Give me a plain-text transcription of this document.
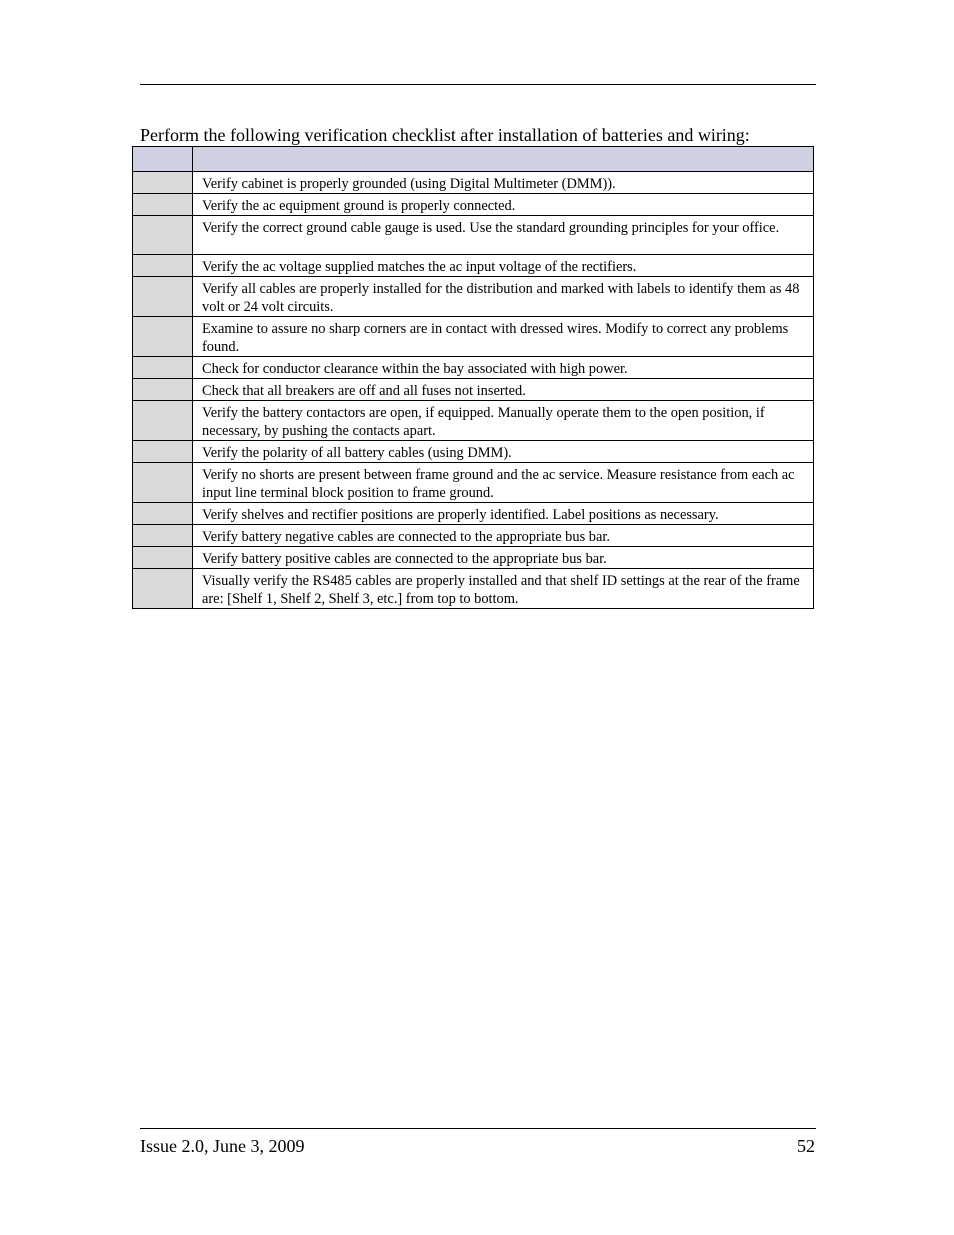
Perform the following verification checklist after installation of batteries and wiring:

	Verify cabinet is properly grounded (using Digital Multimeter (DMM)).
	Verify the ac equipment ground is properly connected.
	Verify the correct ground cable gauge is used. Use the standard grounding principles for your office.
	Verify the ac voltage supplied matches the ac input voltage of the rectifiers.
	Verify all cables are properly installed for the distribution and marked with labels to identify them as 48 volt or 24 volt circuits.
	Examine to assure no sharp corners are in contact with dressed wires. Modify to correct any problems found.
	Check for conductor clearance within the bay associated with high power.
	Check that all breakers are off and all fuses not inserted.
	Verify the battery contactors are open, if equipped. Manually operate them to the open position, if necessary, by pushing the contacts apart.
	Verify the polarity of all battery cables (using DMM).
	Verify no shorts are present between frame ground and the ac service. Measure resistance from each ac input line terminal block position to frame ground.
	Verify shelves and rectifier positions are properly identified. Label positions as necessary.
	Verify battery negative cables are connected to the appropriate bus bar.
	Verify battery positive cables are connected to the appropriate bus bar.
	Visually verify the RS485 cables are properly installed and that shelf ID settings at the rear of the frame are: [Shelf 1, Shelf 2, Shelf 3, etc.] from top to bottom.
Issue 2.0, June 3, 2009	52
